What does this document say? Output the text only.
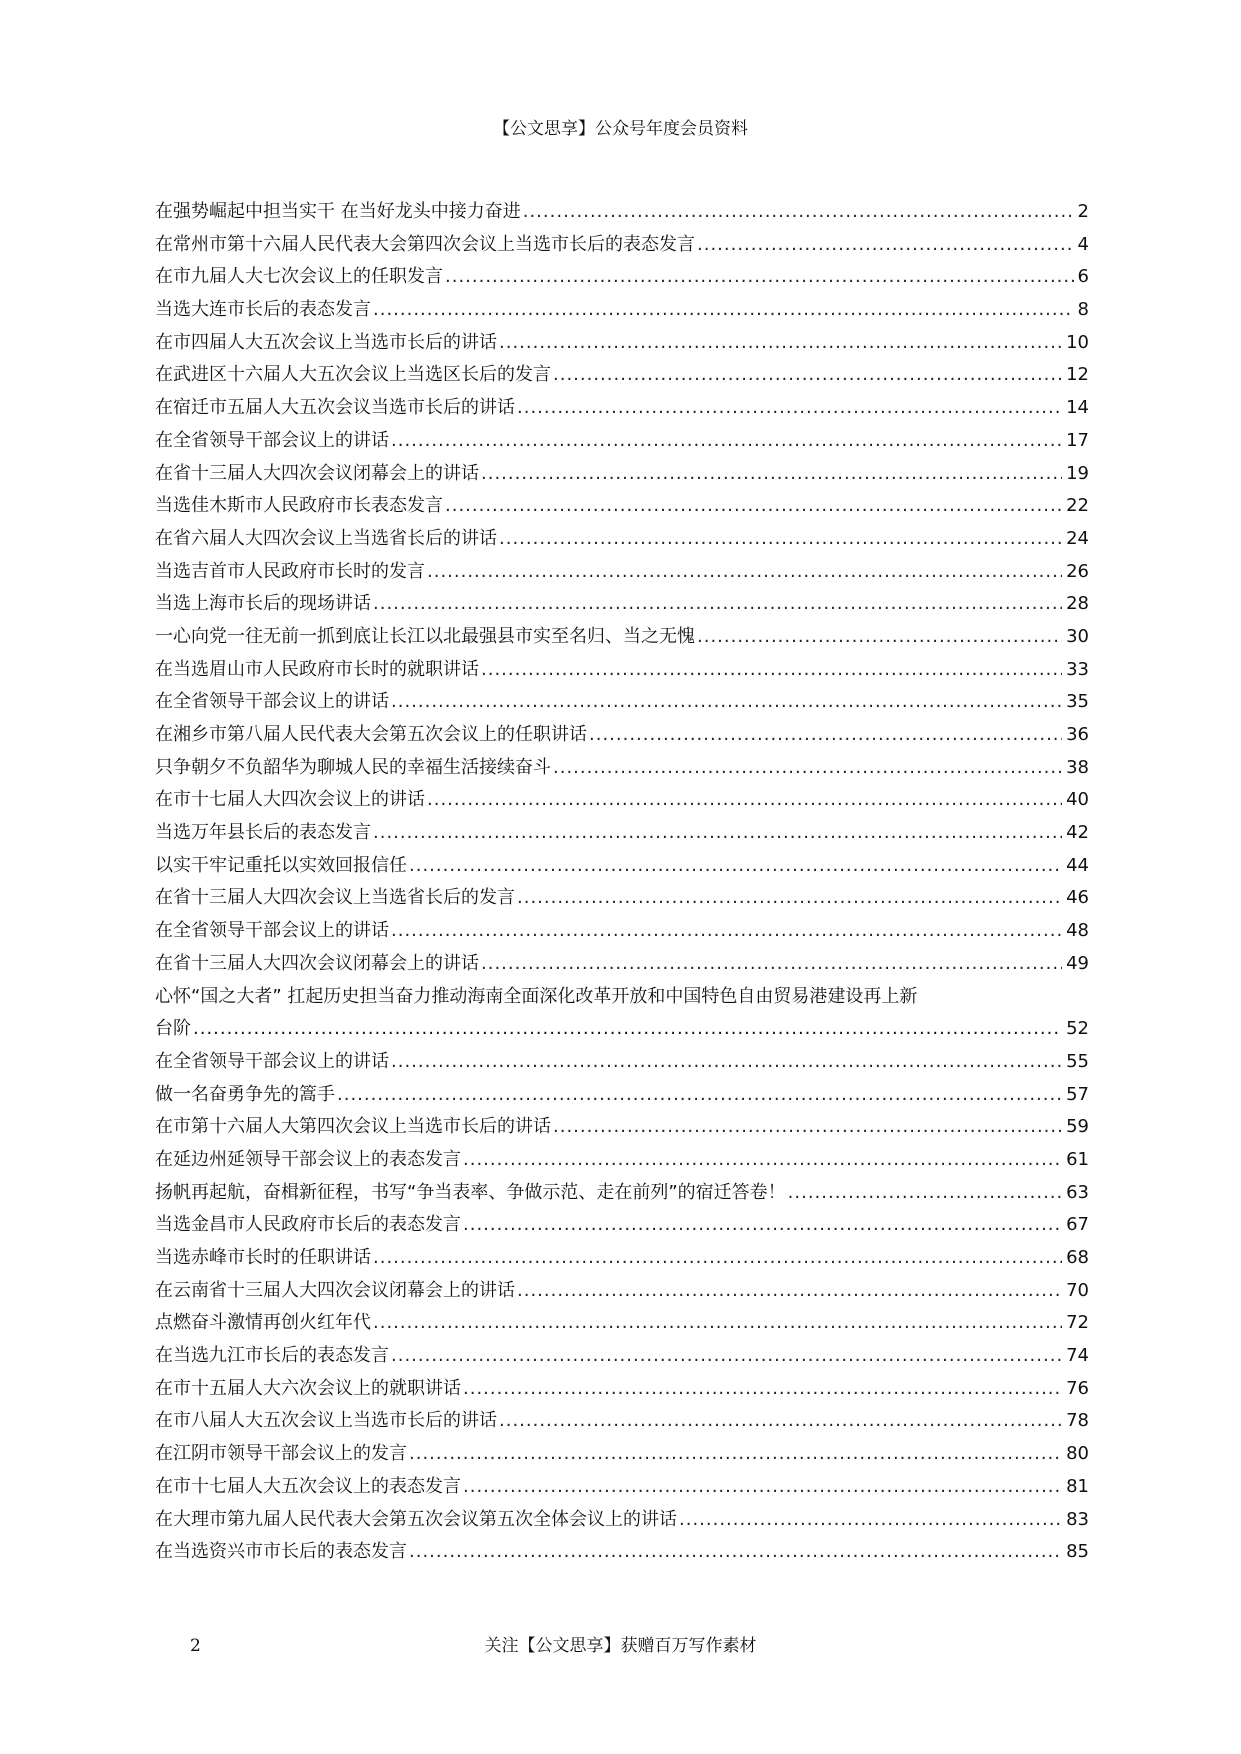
【公文思享】公众号年度会员资料
在强势崛起中担当实干 在当好龙头中接力奋进 .....	2
在常州市第十六届人民代表大会第四次会议上当选市长后的表态发言 .....	4
在市九届人大七次会议上的任职发言 .....	6
当选大连市长后的表态发言 .....	8
在市四届人大五次会议上当选市长后的讲话 .....	10
在武进区十六届人大五次会议上当选区长后的发言 .....	12
在宿迁市五届人大五次会议当选市长后的讲话 .....	14
在全省领导干部会议上的讲话 .....	17
在省十三届人大四次会议闭幕会上的讲话 .....	19
当选佳木斯市人民政府市长表态发言 .....	22
在省六届人大四次会议上当选省长后的讲话 .....	24
当选吉首市人民政府市长时的发言 .....	26
当选上海市长后的现场讲话 .....	28
一心向党一往无前一抓到底让长江以北最强县市实至名归、当之无愧 .....	30
在当选眉山市人民政府市长时的就职讲话 .....	33
在全省领导干部会议上的讲话 .....	35
在湘乡市第八届人民代表大会第五次会议上的任职讲话 .....	36
只争朝夕不负韶华为聊城人民的幸福生活接续奋斗 .....	38
在市十七届人大四次会议上的讲话 .....	40
当选万年县长后的表态发言 .....	42
以实干牢记重托以实效回报信任 .....	44
在省十三届人大四次会议上当选省长后的发言 .....	46
在全省领导干部会议上的讲话 .....	48
在省十三届人大四次会议闭幕会上的讲话 .....	49
心怀“国之大者” 扛起历史担当奋力推动海南全面深化改革开放和中国特色自由贸易港建设再上新
台阶 .....	52
在全省领导干部会议上的讲话 .....	55
做一名奋勇争先的篙手 .....	57
在市第十六届人大第四次会议上当选市长后的讲话 .....	59
在延边州延领导干部会议上的表态发言 .....	61
扬帆再起航，奋楫新征程，书写“争当表率、争做示范、走在前列”的宿迁答卷！ .....	63
当选金昌市人民政府市长后的表态发言 .....	67
当选赤峰市长时的任职讲话 .....	68
在云南省十三届人大四次会议闭幕会上的讲话 .....	70
点燃奋斗激情再创火红年代 .....	72
在当选九江市长后的表态发言 .....	74
在市十五届人大六次会议上的就职讲话 .....	76
在市八届人大五次会议上当选市长后的讲话 .....	78
在江阴市领导干部会议上的发言 .....	80
在市十七届人大五次会议上的表态发言 .....	81
在大理市第九届人民代表大会第五次会议第五次全体会议上的讲话 .....	83
在当选资兴市市长后的表态发言 .....	85
2	关注【公文思享】获赠百万写作素材
